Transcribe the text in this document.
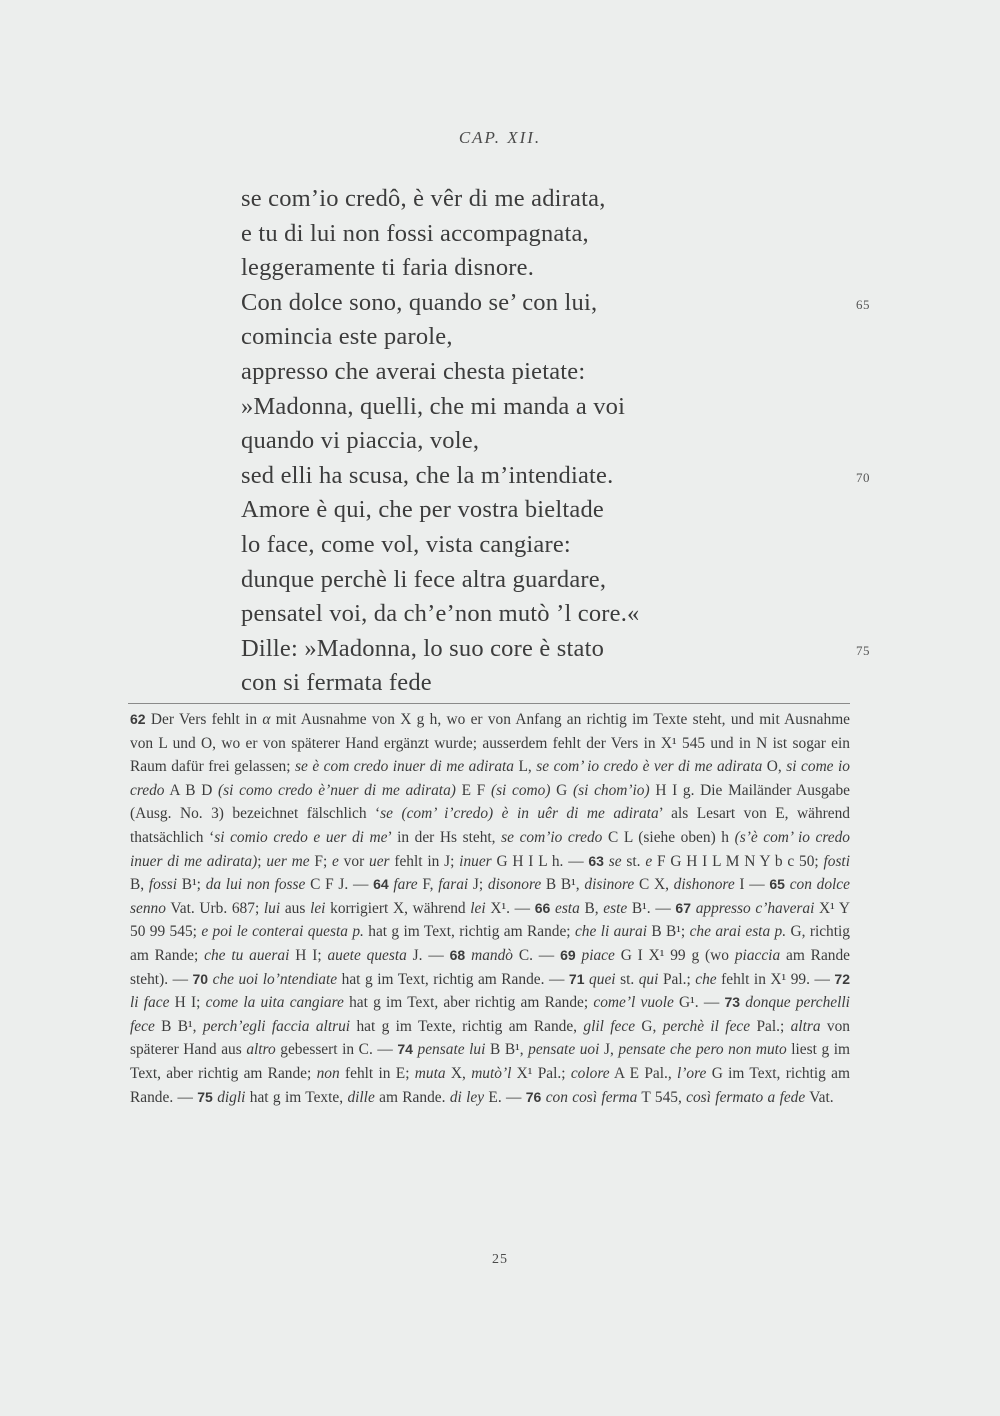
CAP. XII.
se com’io credô, è vêr di me adirata,
e tu di lui non fossi accompagnata,
leggeramente ti faria disnore.
Con dolce sono, quando se’ con lui,
comincia este parole,
appresso che averai chesta pietate:
»Madonna, quelli, che mi manda a voi
quando vi piaccia, vole,
sed elli ha scusa, che la m’intendiate.
Amore è qui, che per vostra bieltade
lo face, come vol, vista cangiare:
dunque perchè li fece altra guardare,
pensatel voi, da ch’e’non mutò ’l core.«
Dille: »Madonna, lo suo core è stato
con si fermata fede
65
70
75

62 Der Vers fehlt in α mit Ausnahme von X g h, wo er von Anfang an richtig im Texte steht, und mit Ausnahme von L und O, wo er von späterer Hand ergänzt wurde; ausserdem fehlt der Vers in X¹ 545 und in N ist sogar ein Raum dafür frei gelassen; se è com credo inuer di me adirata L, se com’ io credo è ver di me adirata O, si come io credo A B D (si como credo è’nuer di me adirata) E F (si como) G (si chom’io) H I g. Die Mailänder Ausgabe (Ausg. No. 3) bezeichnet fälschlich ‘se (com’ i’credo) è in uêr di me adirata’ als Lesart von E, während thatsächlich ‘si comio credo e uer di me’ in der Hs steht, se com’io credo C L (siehe oben) h (s’è com’ io credo inuer di me adirata); uer me F; e vor uer fehlt in J; inuer G H I L h. — 63 se st. e F G H I L M N Y b c 50; fosti B, fossi B¹; da lui non fosse C F J. — 64 fare F, farai J; disonore B B¹, disinore C X, dishonore I — 65 con dolce senno Vat. Urb. 687; lui aus lei korrigiert X, während lei X¹. — 66 esta B, este B¹. — 67 appresso c’haverai X¹ Y 50 99 545; e poi le conterai questa p. hat g im Text, richtig am Rande; che li aurai B B¹; che arai esta p. G, richtig am Rande; che tu auerai H I; auete questa J. — 68 mandò C. — 69 piace G I X¹ 99 g (wo piaccia am Rande steht). — 70 che uoi lo’ntendiate hat g im Text, richtig am Rande. — 71 quei st. qui Pal.; che fehlt in X¹ 99. — 72 li face H I; come la uita cangiare hat g im Text, aber richtig am Rande; come’l vuole G¹. — 73 donque perchelli fece B B¹, perch’egli faccia altrui hat g im Texte, richtig am Rande, glil fece G, perchè il fece Pal.; altra von späterer Hand aus altro gebessert in C. — 74 pensate lui B B¹, pensate uoi J, pensate che pero non muto liest g im Text, aber richtig am Rande; non fehlt in E; muta X, mutò’l X¹ Pal.; colore A E Pal., l’ore G im Text, richtig am Rande. — 75 digli hat g im Texte, dille am Rande. di ley E. — 76 con così ferma T 545, così fermato a fede Vat.

25
